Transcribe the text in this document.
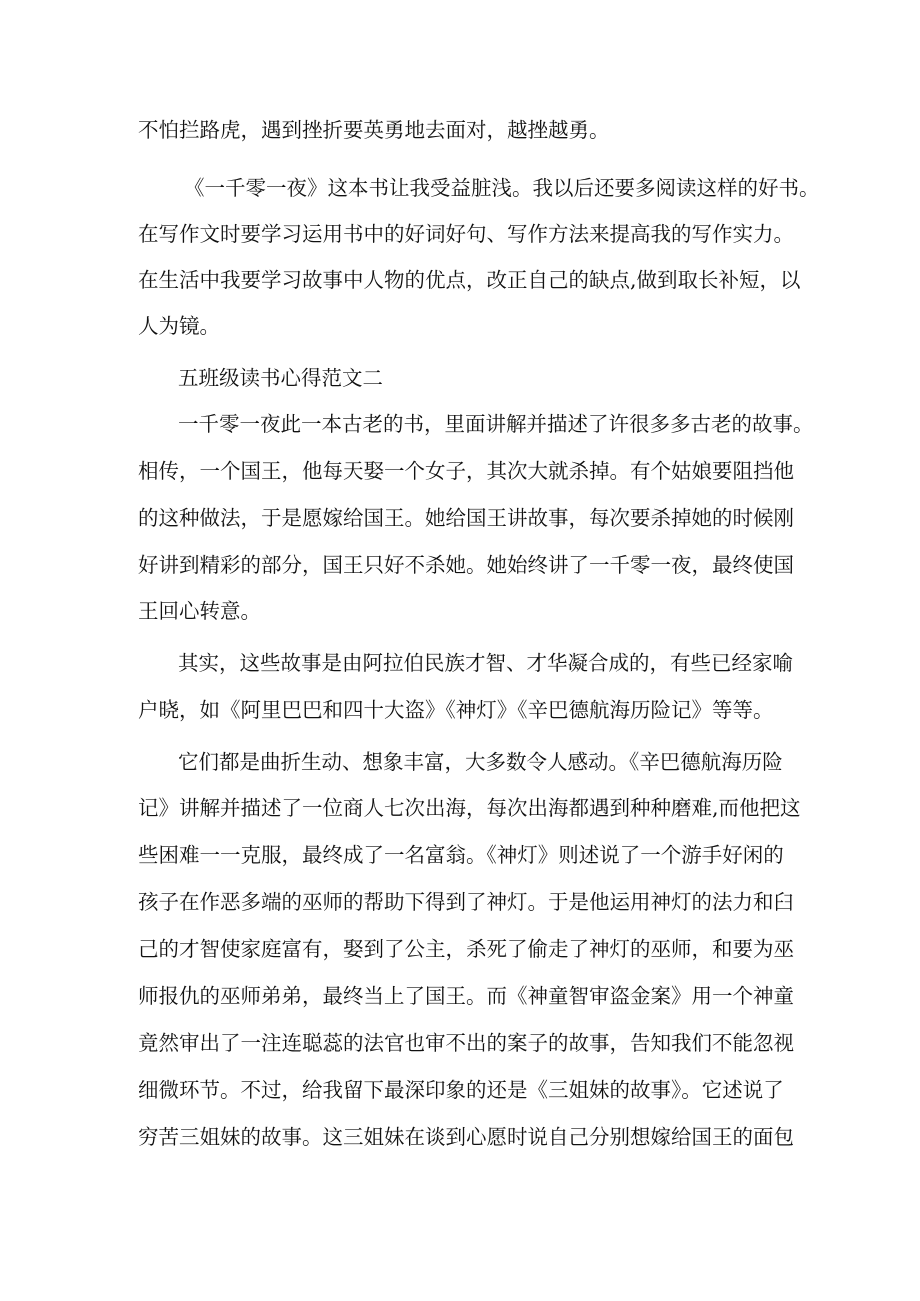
不怕拦路虎，遇到挫折要英勇地去面对，越挫越勇。
《一千零一夜》这本书让我受益脏浅。我以后还要多阅读这样的好书。
在写作文时要学习运用书中的好词好句、写作方法来提高我的写作实力。
在生活中我要学习故事中人物的优点，改正自己的缺点,做到取长补短，以
人为镜。
五班级读书心得范文二
一千零一夜此一本古老的书，里面讲解并描述了许很多多古老的故事。
相传，一个国王，他每天娶一个女子，其次大就杀掉。有个姑娘要阻挡他
的这种做法，于是愿嫁给国王。她给国王讲故事，每次要杀掉她的时候刚
好讲到精彩的部分，国王只好不杀她。她始终讲了一千零一夜，最终使国
王回心转意。
其实，这些故事是由阿拉伯民族才智、才华凝合成的，有些已经家喻
户晓，如《阿里巴巴和四十大盗》《神灯》《辛巴德航海历险记》等等。
它们都是曲折生动、想象丰富，大多数令人感动。《辛巴德航海历险
记》讲解并描述了一位商人七次出海，每次出海都遇到种种磨难,而他把这
些困难一一克服，最终成了一名富翁。《神灯》则述说了一个游手好闲的
孩子在作恶多端的巫师的帮助下得到了神灯。于是他运用神灯的法力和臼
己的才智使家庭富有，娶到了公主，杀死了偷走了神灯的巫师，和要为巫
师报仇的巫师弟弟，最终当上了国王。而《神童智审盗金案》用一个神童
竟然审出了一注连聪蕊的法官也审不出的案子的故事，告知我们不能忽视
细微环节。不过，给我留下最深印象的还是《三姐妹的故事》。它述说了
穷苦三姐妹的故事。这三姐妹在谈到心愿时说自己分别想嫁给国王的面包
